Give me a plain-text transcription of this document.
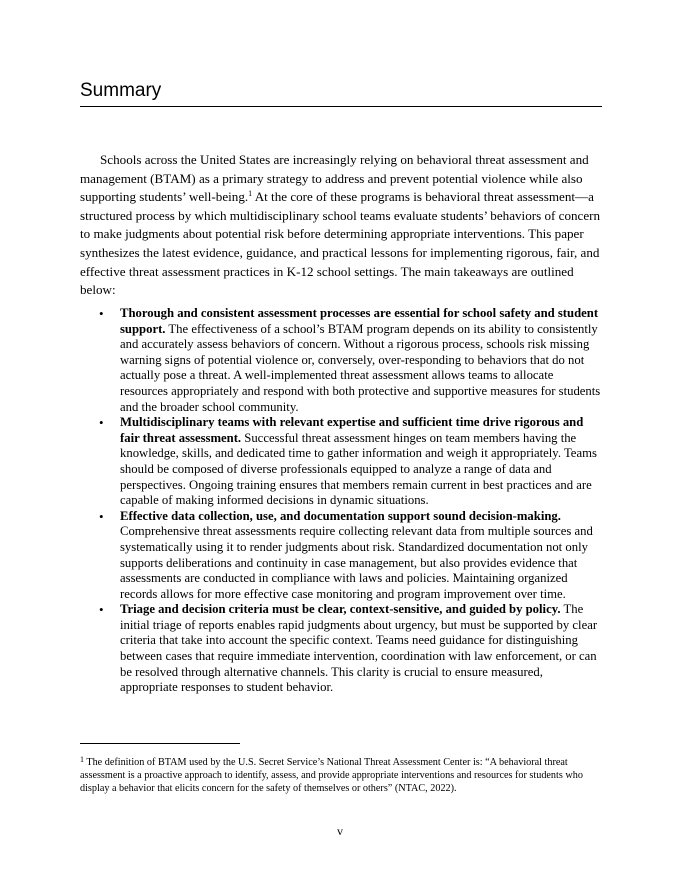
Summary

Schools across the United States are increasingly relying on behavioral threat assessment and management (BTAM) as a primary strategy to address and prevent potential violence while also supporting students’ well-being.$^1$ At the core of these programs is behavioral threat assessment—a structured process by which multidisciplinary school teams evaluate students’ behaviors of concern to make judgments about potential risk before determining appropriate interventions. This paper synthesizes the latest evidence, guidance, and practical lessons for implementing rigorous, fair, and effective threat assessment practices in K-12 school settings. The main takeaways are outlined below:

• Thorough and consistent assessment processes are essential for school safety and student support. The effectiveness of a school’s BTAM program depends on its ability to consistently and accurately assess behaviors of concern. Without a rigorous process, schools risk missing warning signs of potential violence or, conversely, over-responding to behaviors that do not actually pose a threat. A well-implemented threat assessment allows teams to allocate resources appropriately and respond with both protective and supportive measures for students and the broader school community.
• Multidisciplinary teams with relevant expertise and sufficient time drive rigorous and fair threat assessment. Successful threat assessment hinges on team members having the knowledge, skills, and dedicated time to gather information and weigh it appropriately. Teams should be composed of diverse professionals equipped to analyze a range of data and perspectives. Ongoing training ensures that members remain current in best practices and are capable of making informed decisions in dynamic situations.
• Effective data collection, use, and documentation support sound decision-making. Comprehensive threat assessments require collecting relevant data from multiple sources and systematically using it to render judgments about risk. Standardized documentation not only supports deliberations and continuity in case management, but also provides evidence that assessments are conducted in compliance with laws and policies. Maintaining organized records allows for more effective case monitoring and program improvement over time.
• Triage and decision criteria must be clear, context-sensitive, and guided by policy. The initial triage of reports enables rapid judgments about urgency, but must be supported by clear criteria that take into account the specific context. Teams need guidance for distinguishing between cases that require immediate intervention, coordination with law enforcement, or can be resolved through alternative channels. This clarity is crucial to ensure measured, appropriate responses to student behavior.

$^1$ The definition of BTAM used by the U.S. Secret Service’s National Threat Assessment Center is: “A behavioral threat assessment is a proactive approach to identify, assess, and provide appropriate interventions and resources for students who display a behavior that elicits concern for the safety of themselves or others” (NTAC, 2022).

v
